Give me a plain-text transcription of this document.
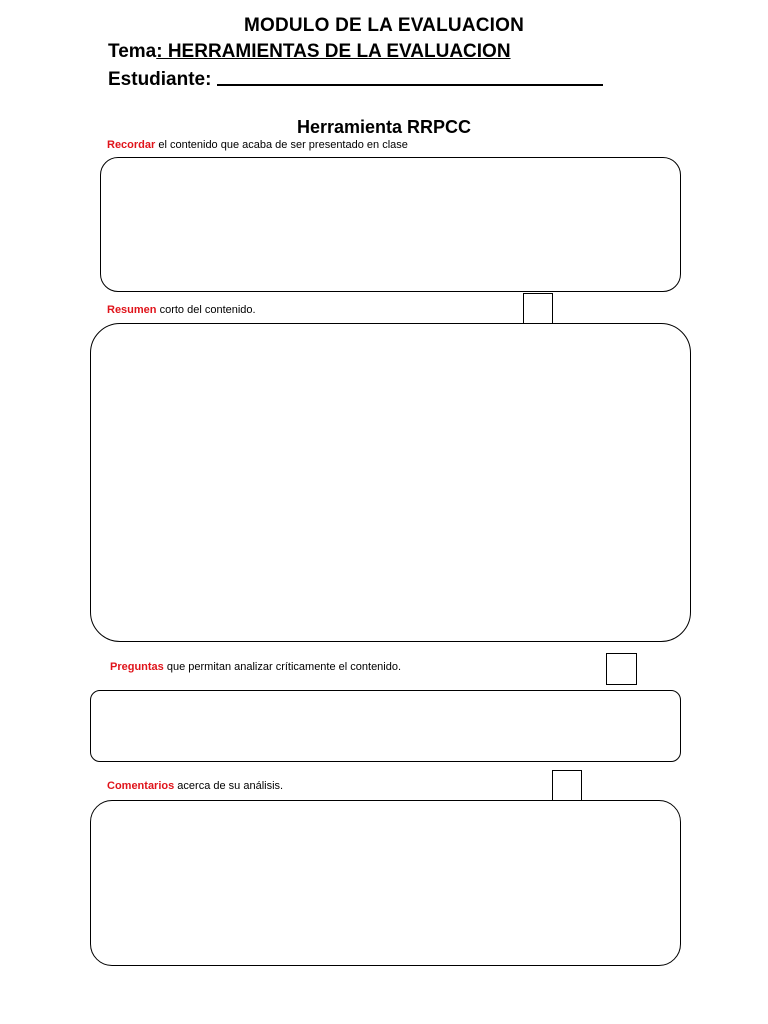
MODULO DE LA EVALUACION
Tema: HERRAMIENTAS DE LA EVALUACION
Estudiante:
Herramienta RRPCC
Recordar el contenido que acaba de ser presentado en clase
Resumen corto del contenido.
Preguntas que permitan analizar críticamente el contenido.
Comentarios acerca de su análisis.
